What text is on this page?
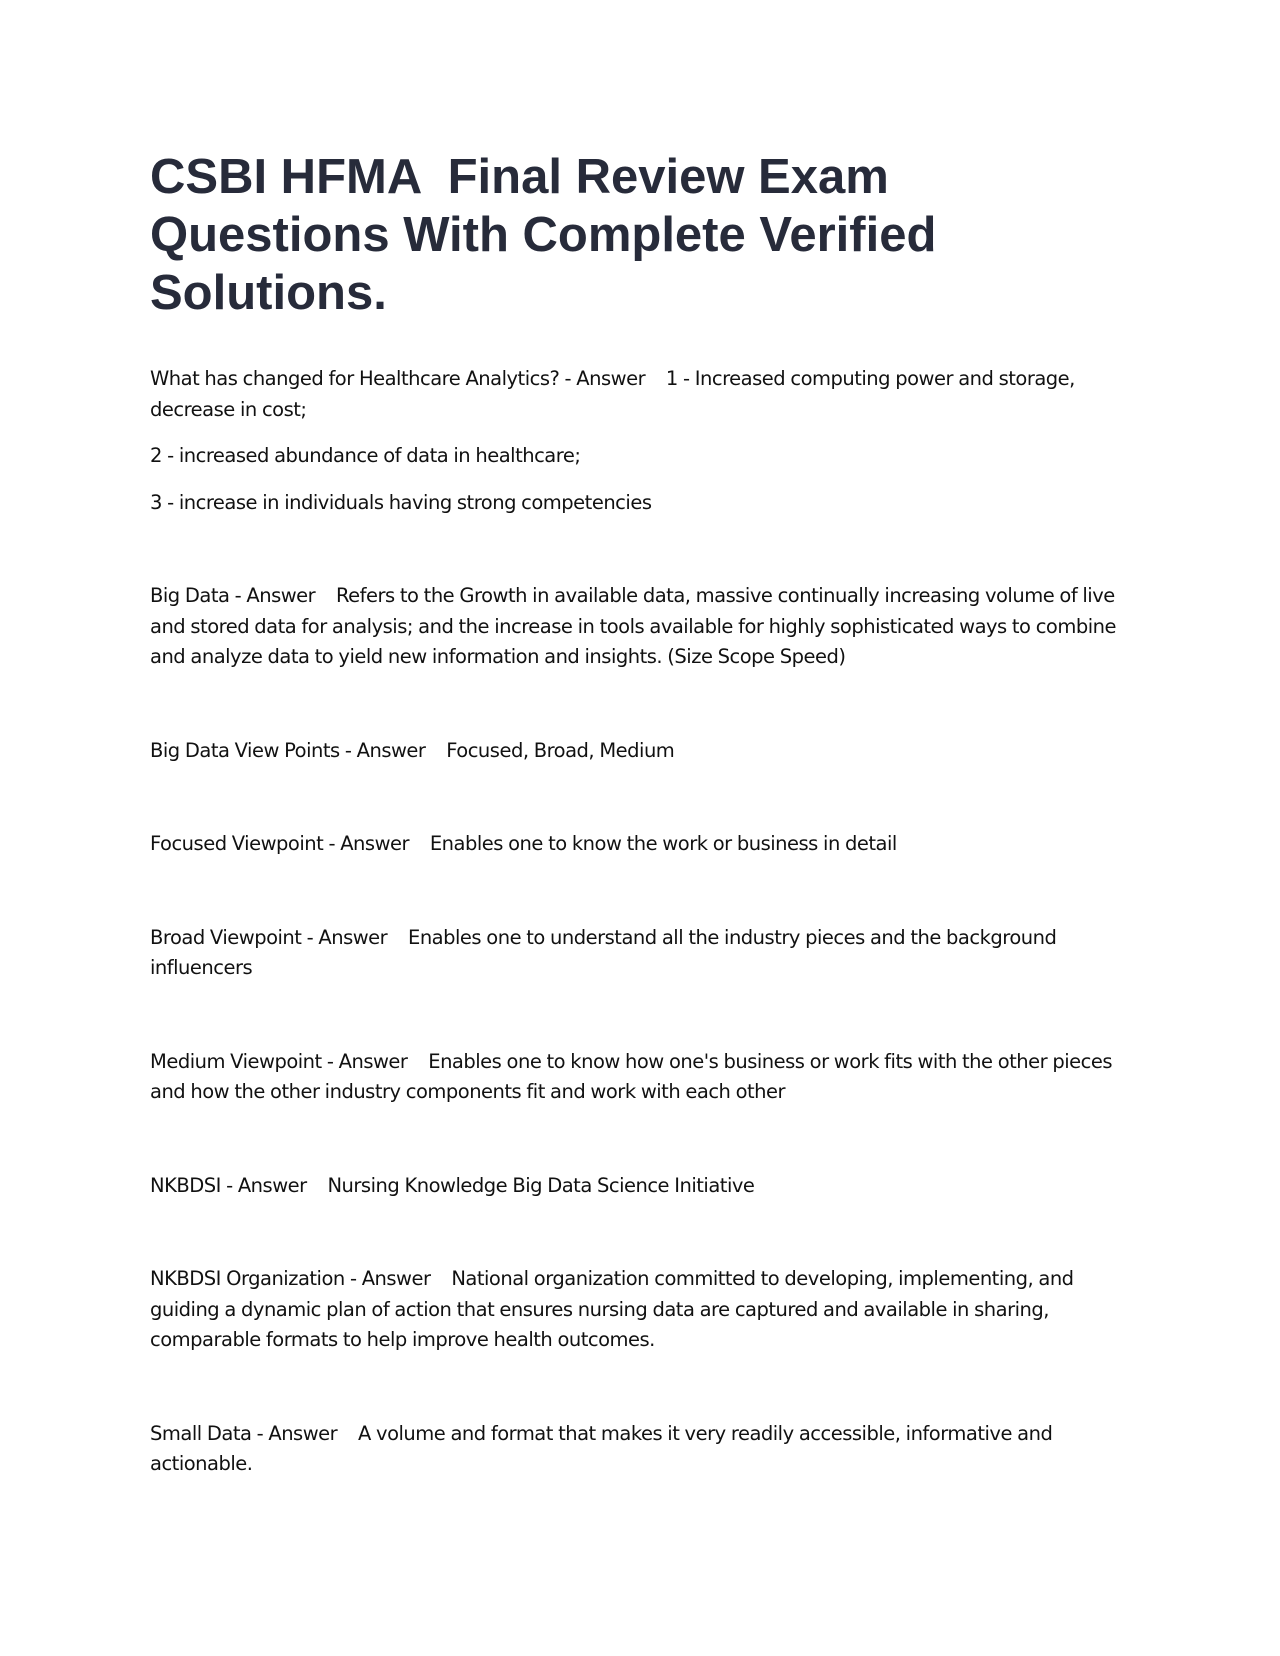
CSBI HFMA  Final Review Exam Questions With Complete Verified Solutions.

What has changed for Healthcare Analytics? - Answer 1 - Increased computing power and storage, decrease in cost;

2 - increased abundance of data in healthcare;

3 - increase in individuals having strong competencies

Big Data - Answer Refers to the Growth in available data, massive continually increasing volume of live and stored data for analysis; and the increase in tools available for highly sophisticated ways to combine and analyze data to yield new information and insights. (Size Scope Speed)

Big Data View Points - Answer Focused, Broad, Medium

Focused Viewpoint - Answer Enables one to know the work or business in detail

Broad Viewpoint - Answer Enables one to understand all the industry pieces and the background influencers

Medium Viewpoint - Answer Enables one to know how one's business or work fits with the other pieces and how the other industry components fit and work with each other

NKBDSI - Answer Nursing Knowledge Big Data Science Initiative

NKBDSI Organization - Answer National organization committed to developing, implementing, and guiding a dynamic plan of action that ensures nursing data are captured and available in sharing, comparable formats to help improve health outcomes.

Small Data - Answer A volume and format that makes it very readily accessible, informative and actionable.
